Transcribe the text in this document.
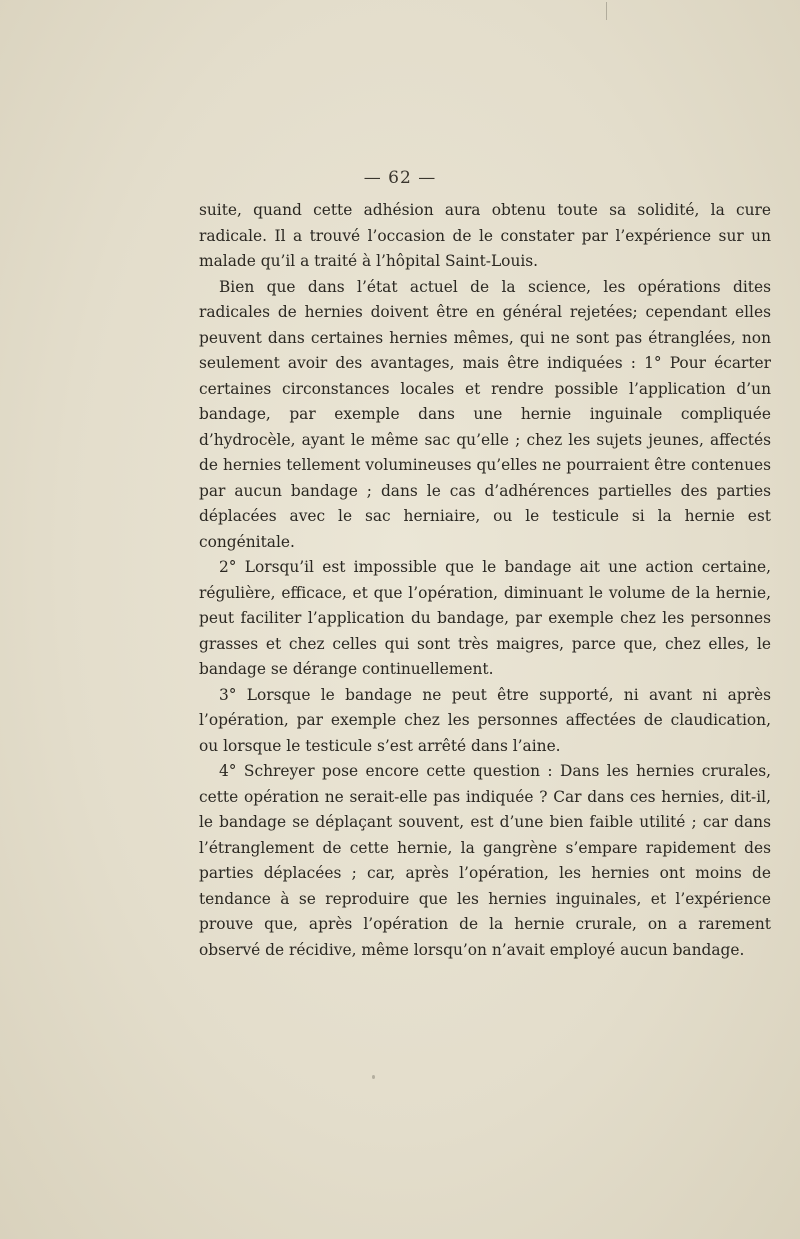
— 62 —

suite, quand cette adhésion aura obtenu toute sa solidité, la cure radicale. Il a trouvé l’occasion de le constater par l’expérience sur un malade qu’il a traité à l’hôpital Saint-Louis.

Bien que dans l’état actuel de la science, les opérations dites radicales de hernies doivent être en général rejetées; cependant elles peuvent dans certaines hernies mêmes, qui ne sont pas étranglées, non seulement avoir des avantages, mais être indiquées : 1° Pour écarter certaines circonstances locales et rendre possible l’application d’un bandage, par exemple dans une hernie inguinale compliquée d’hydrocèle, ayant le même sac qu’elle ; chez les sujets jeunes, affectés de hernies tellement volumineuses qu’elles ne pourraient être contenues par aucun bandage ; dans le cas d’adhérences partielles des parties déplacées avec le sac herniaire, ou le testicule si la hernie est congénitale.

2° Lorsqu’il est impossible que le bandage ait une action certaine, régulière, efficace, et que l’opération, diminuant le volume de la hernie, peut faciliter l’application du bandage, par exemple chez les personnes grasses et chez celles qui sont très maigres, parce que, chez elles, le bandage se dérange continuellement.

3° Lorsque le bandage ne peut être supporté, ni avant ni après l’opération, par exemple chez les personnes affectées de claudication, ou lorsque le testicule s’est arrêté dans l’aine.

4° Schreyer pose encore cette question : Dans les hernies crurales, cette opération ne serait-elle pas indiquée ? Car dans ces hernies, dit-il, le bandage se déplaçant souvent, est d’une bien faible utilité ; car dans l’étranglement de cette hernie, la gangrène s’empare rapidement des parties déplacées ; car, après l’opération, les hernies ont moins de tendance à se reproduire que les hernies inguinales, et l’expérience prouve que, après l’opération de la hernie crurale, on a rarement observé de récidive, même lorsqu’on n’avait employé aucun bandage.
